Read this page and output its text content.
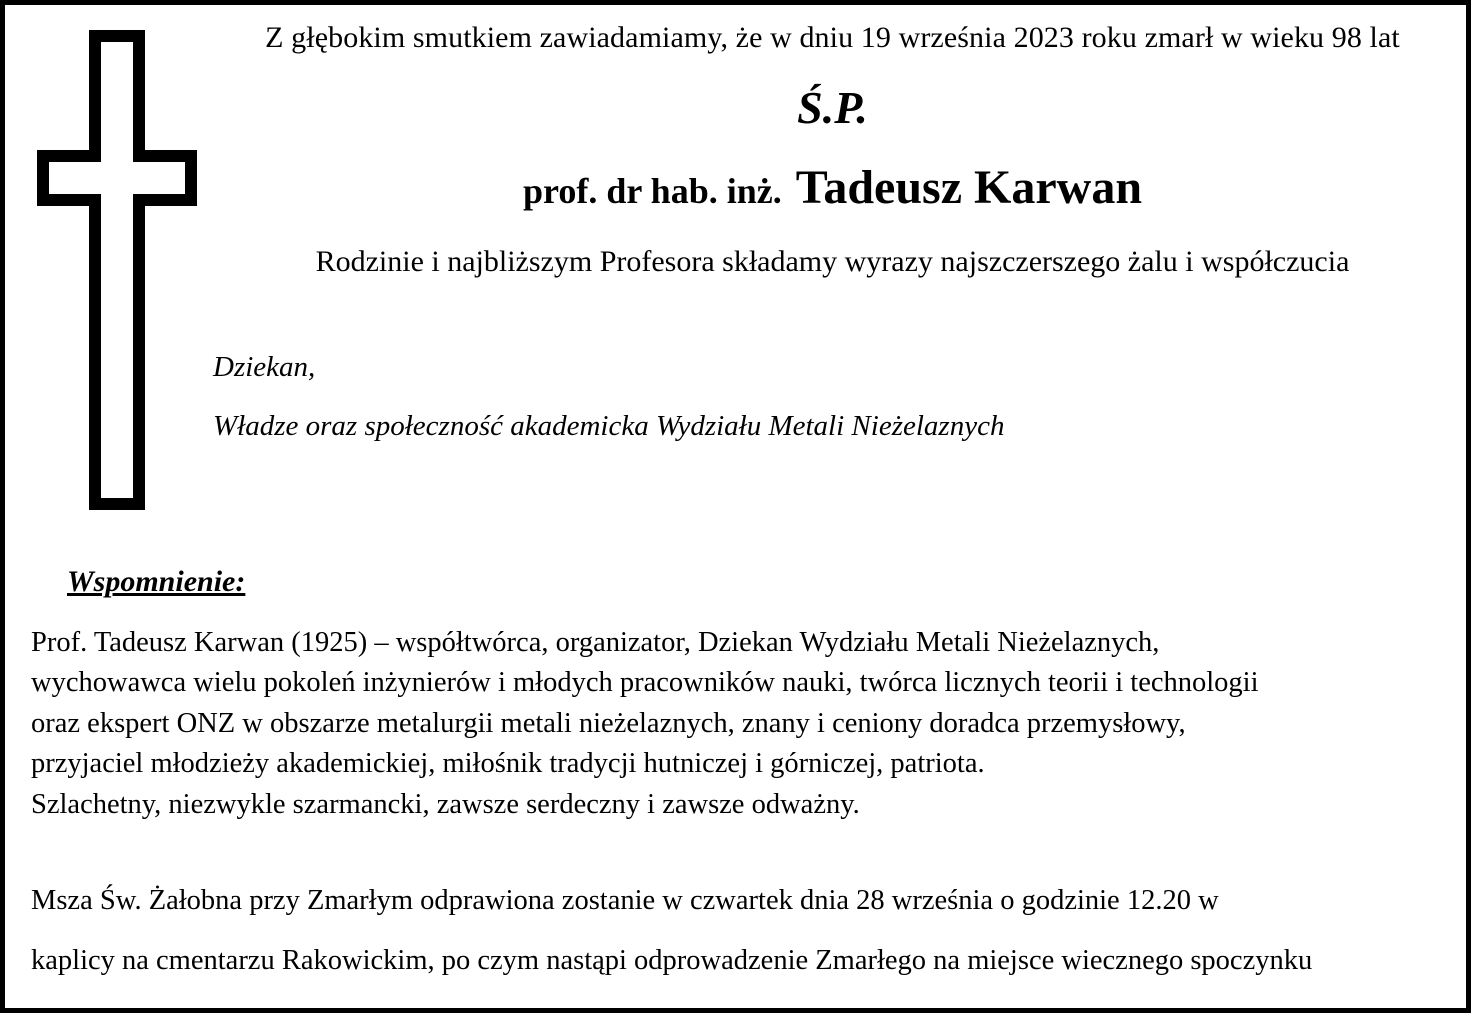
Z głębokim smutkiem zawiadamiamy, że w dniu 19 września 2023 roku zmarł w wieku 98 lat
Ś.P.
prof. dr hab. inż. Tadeusz Karwan
Rodzinie i najbliższym Profesora składamy wyrazy najszczerszego żalu i współczucia
Dziekan,
Władze oraz społeczność akademicka Wydziału Metali Nieżelaznych
Wspomnienie:

Prof. Tadeusz Karwan (1925) – współtwórca, organizator, Dziekan Wydziału Metali Nieżelaznych,

wychowawca wielu pokoleń inżynierów i młodych pracowników nauki, twórca licznych teorii i technologii

oraz ekspert ONZ w obszarze metalurgii metali nieżelaznych, znany i ceniony doradca przemysłowy,

przyjaciel młodzieży akademickiej, miłośnik tradycji hutniczej i górniczej, patriota.

Szlachetny, niezwykle szarmancki, zawsze serdeczny i zawsze odważny.

Msza Św. Żałobna przy Zmarłym odprawiona zostanie w czwartek dnia 28 września o godzinie 12.20 w

kaplicy na cmentarzu Rakowickim, po czym nastąpi odprowadzenie Zmarłego na miejsce wiecznego spoczynku
